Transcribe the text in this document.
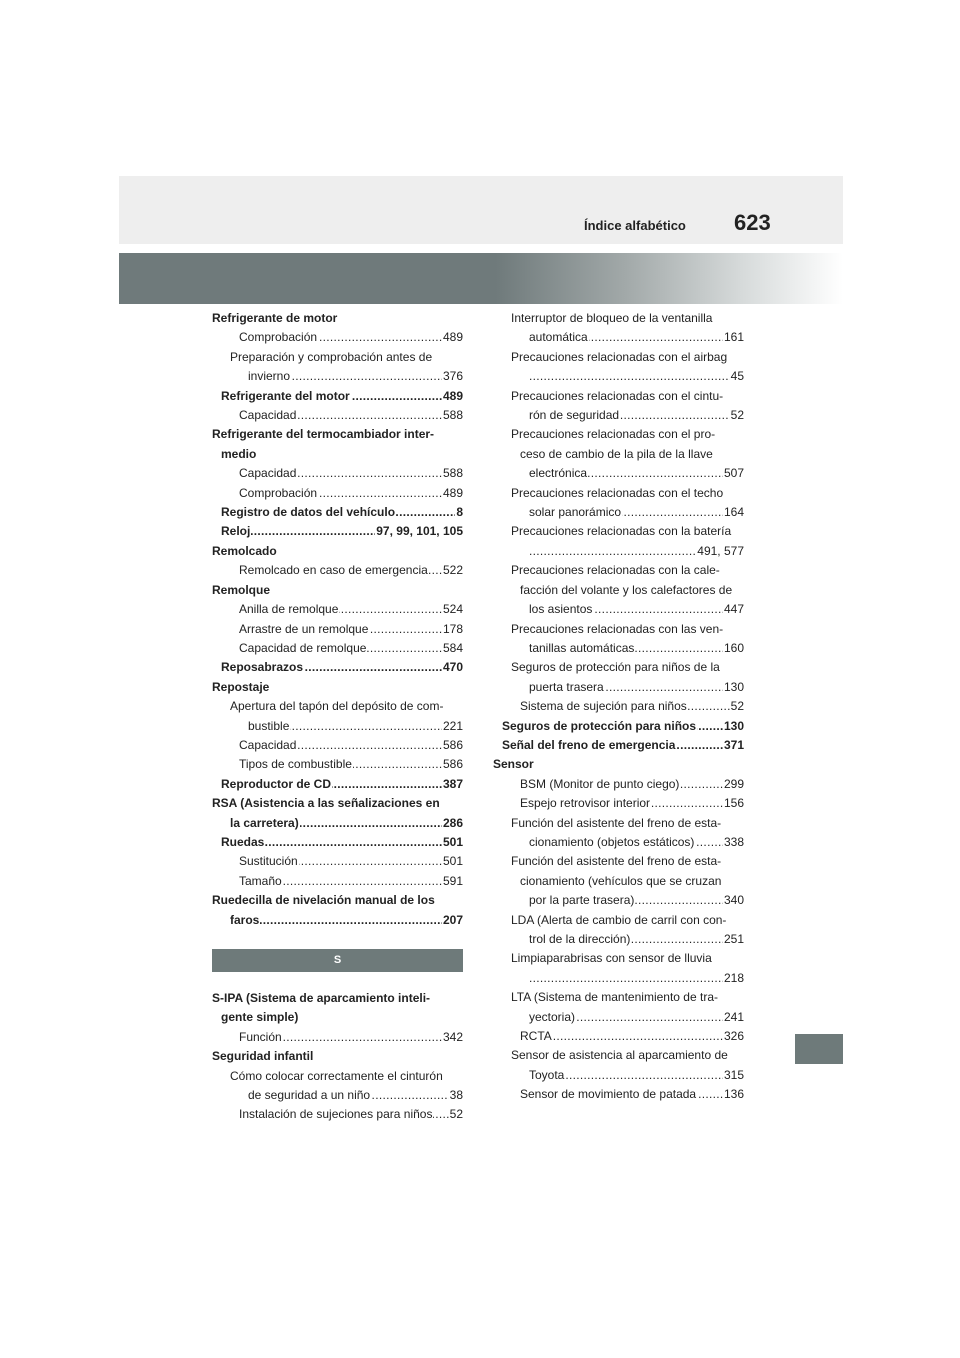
Índice alfabético 623
Refrigerante de motor
Comprobación	489
.....
Preparación y comprobación antes de
invierno	376
.....
Refrigerante del motor	489
.....
Capacidad	588
.....
Refrigerante del termocambiador inter-
medio
Capacidad	588
.....
Comprobación	489
.....
Registro de datos del vehículo	8
.....
Reloj	97, 99, 101, 105
.....
Remolcado
Remolcado en caso de emergencia 522
.....
Remolque
Anilla de remolque	524
.....
Arrastre de un remolque	178
.....
Capacidad de remolque	584
.....
Reposabrazos	470
.....
Repostaje
Apertura del tapón del depósito de com-
bustible	221
.....
Capacidad	586
.....
Tipos de combustible	586
.....
Reproductor de CD	387
.....
RSA (Asistencia a las señalizaciones en
la carretera)	286
.....
Ruedas	501
.....
Sustitución	501
.....
Tamaño	591
.....
Ruedecilla de nivelación manual de los
faros	207
.....
S
S-IPA (Sistema de aparcamiento inteli-
gente simple)
Función	342
.....
Seguridad infantil
Cómo colocar correctamente el cinturón
de seguridad a un niño	38
.....
Instalación de sujeciones para niños 52
.....
Interruptor de bloqueo de la ventanilla
automática	161
.....
Precauciones relacionadas con el airbag
45
.....
Precauciones relacionadas con el cintu-
rón de seguridad	52
.....
Precauciones relacionadas con el pro-
ceso de cambio de la pila de la llave
electrónica	507
.....
Precauciones relacionadas con el techo
solar panorámico	164
.....
Precauciones relacionadas con la batería
491, 577
.....
Precauciones relacionadas con la cale-
facción del volante y los calefactores de
los asientos	447
.....
Precauciones relacionadas con las ven-
tanillas automáticas	160
.....
Seguros de protección para niños de la
puerta trasera	130
.....
Sistema de sujeción para niños	52
.....
Seguros de protección para niños 130
.....
Señal del freno de emergencia	371
.....
Sensor
BSM (Monitor de punto ciego)	299
.....
Espejo retrovisor interior	156
.....
Función del asistente del freno de esta-
cionamiento (objetos estáticos) 338
.....
Función del asistente del freno de esta-
cionamiento (vehículos que se cruzan
por la parte trasera)	340
.....
LDA (Alerta de cambio de carril con con-
trol de la dirección)	251
.....
Limpiaparabrisas con sensor de lluvia
218
.....
LTA (Sistema de mantenimiento de tra-
yectoria)	241
.....
RCTA	326
.....
Sensor de asistencia al aparcamiento de
Toyota	315
.....
Sensor de movimiento de patada 136
.....
